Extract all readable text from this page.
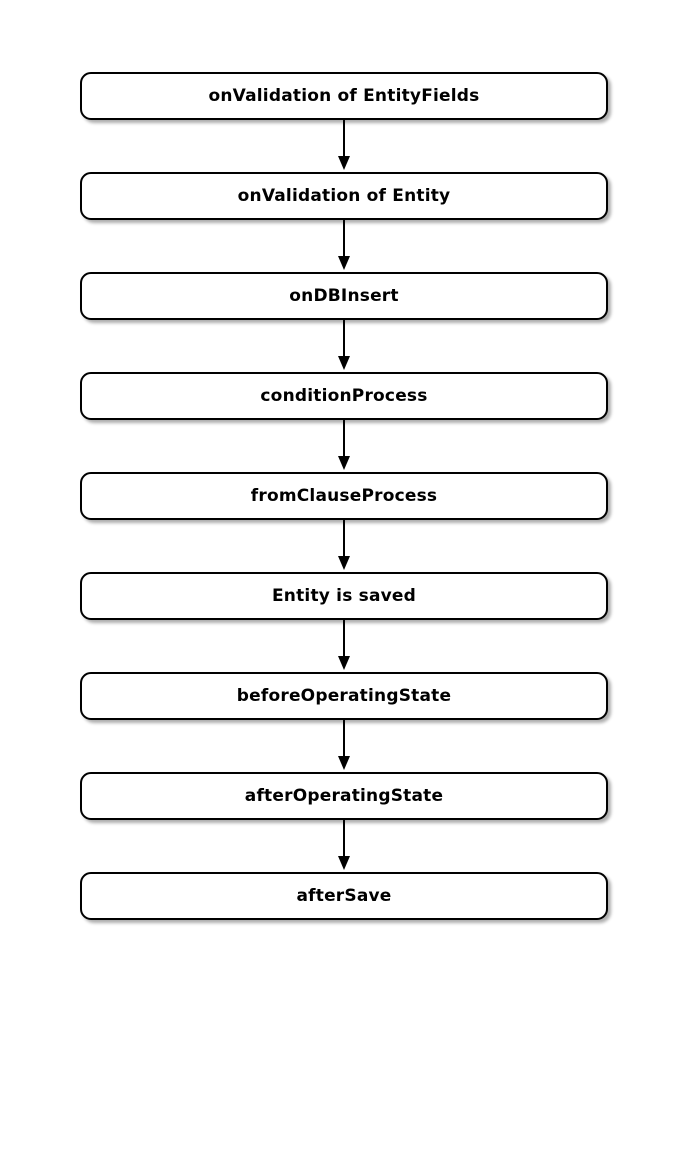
onValidation of EntityFields
onValidation of Entity
onDBInsert
conditionProcess
fromClauseProcess
Entity is saved
beforeOperatingState
afterOperatingState
afterSave
